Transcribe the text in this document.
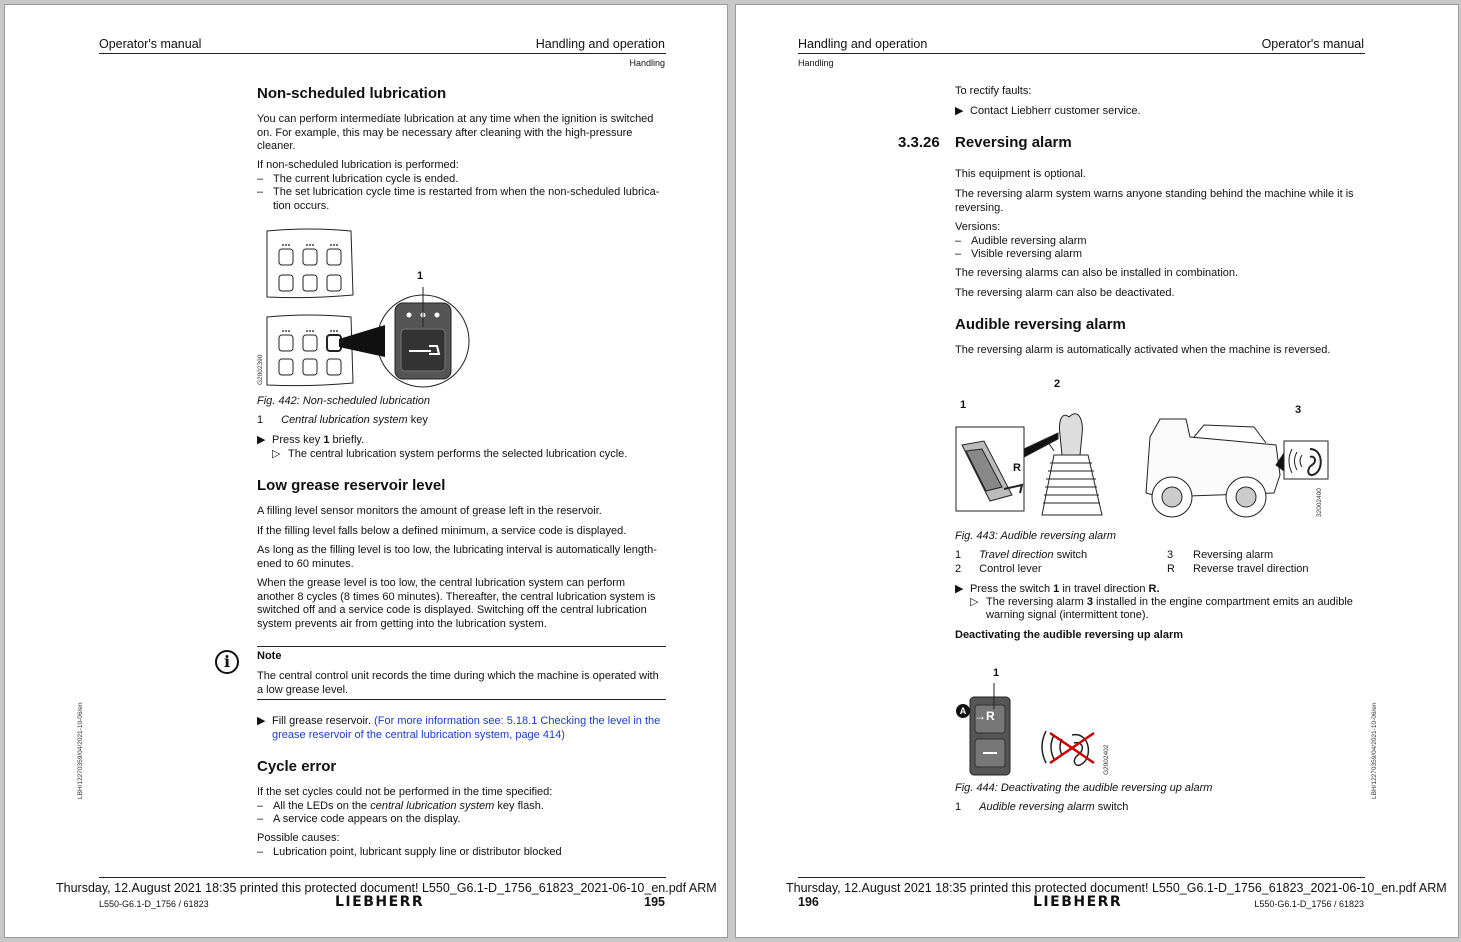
Operator's manual	Handling and operation
Handling
Non-scheduled lubrication

You can perform intermediate lubrication at any time when the ignition is switched

on. For example, this may be necessary after cleaning with the high-pressure

cleaner.

If non-scheduled lubrication is performed:

– The current lubrication cycle is ended.

– The set lubrication cycle time is restarted from when the non-scheduled lubrica-

tion occurs.

1
G2002390
Fig. 442: Non-scheduled lubrication
1 Central lubrication system key
▶ Press key 1 briefly.
▷ The central lubrication system performs the selected lubrication cycle.
Low grease reservoir level
A filling level sensor monitors the amount of grease left in the reservoir.
If the filling level falls below a defined minimum, a service code is displayed.

As long as the filling level is too low, the lubricating interval is automatically length-

ened to 60 minutes.

When the grease level is too low, the central lubrication system can perform

another 8 cycles (8 times 60 minutes). Thereafter, the central lubrication system is

switched off and a service code is displayed. Switching off the central lubrication

system prevents air from getting into the lubrication system.

i	Note

The central control unit records the time during which the machine is operated with

a low grease level.

▶ Fill grease reservoir. (For more information see: 5.18.1 Checking the level in the
grease reservoir of the central lubrication system, page 414)
Cycle error

If the set cycles could not be performed in the time specified:

– All the LEDs on the central lubrication system key flash.

– A service code appears on the display.

Possible causes:

– Lubrication point, lubricant supply line or distributor blocked

LBH/12270359/04/2021-10-06/en
Thursday, 12.August 2021 18:35 printed this protected document! L550_G6.1-D_1756_61823_2021-06-10_en.pdf ARM
L550-G6.1-D_1756 / 61823	LIEBHERR	195
Handling and operation	Operator's manual
Handling
To rectify faults:
▶ Contact Liebherr customer service.
3.3.26 Reversing alarm
This equipment is optional.

The reversing alarm system warns anyone standing behind the machine while it is

reversing.

Versions:

– Audible reversing alarm

– Visible reversing alarm

The reversing alarms can also be installed in combination.
The reversing alarm can also be deactivated.
Audible reversing alarm
The reversing alarm is automatically activated when the machine is reversed.
1
2
3
R
32002400
Fig. 443: Audible reversing alarm
1 Travel direction switch
2 Control lever
3 Reversing alarm
R Reverse travel direction
▶ Press the switch 1 in travel direction R.
▷ The reversing alarm 3 installed in the engine compartment emits an audible
warning signal (intermittent tone).
Deactivating the audible reversing up alarm
1
A →R
G2002402
Fig. 444: Deactivating the audible reversing up alarm
1 Audible reversing alarm switch
LBH/12270359/04/2021-10-06/en
Thursday, 12.August 2021 18:35 printed this protected document! L550_G6.1-D_1756_61823_2021-06-10_en.pdf ARM
196	LIEBHERR	L550-G6.1-D_1756 / 61823
